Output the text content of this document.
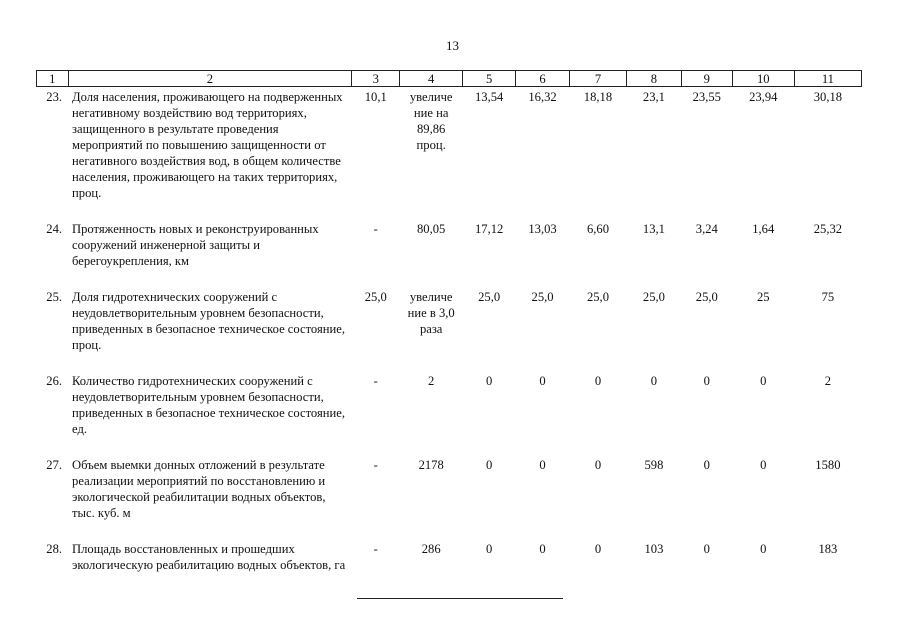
13
1	2	3	4	5	6	7	8	9	10	11
23.	Доля населения, проживающего на подверженных негативному воздействию вод территориях, защищенного в результате проведения мероприятий по повышению защищенности от негативного воздействия вод, в общем количестве населения, проживающего на таких территориях, проц.	10,1	увеличе ние на 89,86 проц.	13,54	16,32	18,18	23,1	23,55	23,94	30,18
24.	Протяженность новых и реконструированных сооружений инженерной защиты и берегоукрепления, км	-	80,05	17,12	13,03	6,60	13,1	3,24	1,64	25,32
25.	Доля гидротехнических сооружений с неудовлетворительным уровнем безопасности, приведенных в безопасное техническое состояние, проц.	25,0	увеличе ние в 3,0 раза	25,0	25,0	25,0	25,0	25,0	25	75
26.	Количество гидротехнических сооружений с неудовлетворительным уровнем безопасности, приведенных в безопасное техническое состояние, ед.	-	2	0	0	0	0	0	0	2
27.	Объем выемки донных отложений в результате реализации мероприятий по восстановлению и экологической реабилитации водных объектов, тыс. куб. м	-	2178	0	0	0	598	0	0	1580
28.	Площадь восстановленных и прошедших экологическую реабилитацию водных объектов, га	-	286	0	0	0	103	0	0	183
